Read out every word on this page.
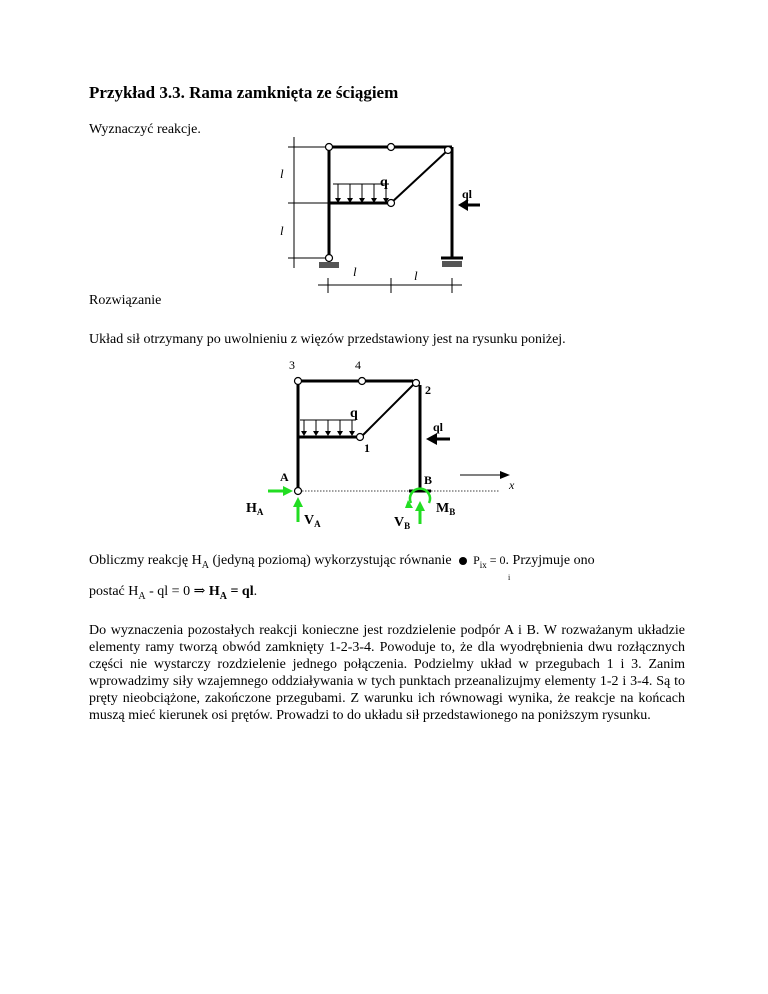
Przykład 3.3. Rama zamknięta ze ściągiem
Wyznaczyć reakcje.
q
ql
l
l
l	l
Rozwiązanie
Układ sił otrzymany po uwolnieniu z więzów przedstawiony jest na rysunku poniżej.
3	4
2
1
q
ql
A	B	x
$H_A$
$V_A$	$V_B$
$M_B$
Obliczmy reakcję $H_A$ (jedyną poziomą) wykorzystując równanie $P_{ix} = 0$. Przyjmuje ono
i
postać $H_A$ - ql = 0 ⇒ $H_A$ = ql.
Do wyznaczenia pozostałych reakcji konieczne jest rozdzielenie podpór A i B. W rozważanym układzie elementy ramy tworzą obwód zamknięty 1-2-3-4. Powoduje to, że dla wyodrębnienia dwu rozłącznych części nie wystarczy rozdzielenie jednego połączenia. Podzielmy układ w przegubach 1 i 3. Zanim wprowadzimy siły wzajemnego oddziaływania w tych punktach przeanalizujmy elementy 1-2 i 3-4. Są to pręty nieobciążone, zakończone przegubami. Z warunku ich równowagi wynika, że reakcje na końcach muszą mieć kierunek osi prętów. Prowadzi to do układu sił przedstawionego na poniższym rysunku.
